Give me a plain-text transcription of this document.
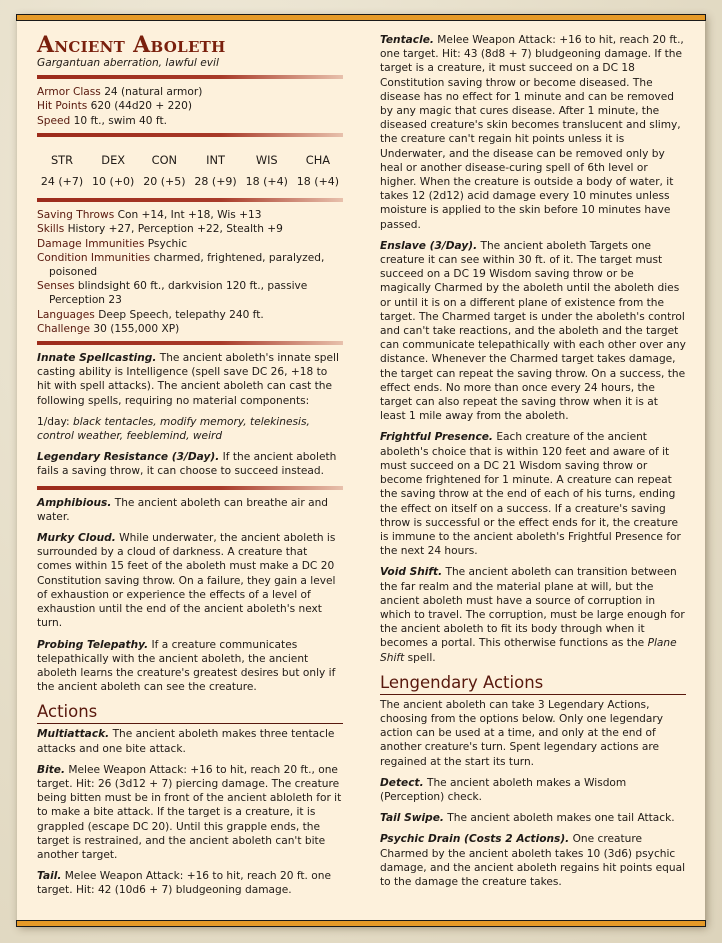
Ancient Aboleth
Gargantuan aberration, lawful evil
Armor Class 24 (natural armor)
Hit Points 620 (44d20 + 220)
Speed 10 ft., swim 40 ft.
STR
24 (+7)
DEX
10 (+0)
CON
20 (+5)
INT
28 (+9)
WIS
18 (+4)
CHA
18 (+4)
Saving Throws Con +14, Int +18, Wis +13
Skills History +27, Perception +22, Stealth +9
Damage Immunities Psychic
Condition Immunities charmed, frightened, paralyzed, poisoned
Senses blindsight 60 ft., darkvision 120 ft., passive Perception 23
Languages Deep Speech, telepathy 240 ft.
Challenge 30 (155,000 XP)
Innate Spellcasting. The ancient aboleth's innate spell casting ability is Intelligence (spell save DC 26, +18 to hit with spell attacks). The ancient aboleth can cast the following spells, requiring no material components:
1/day: black tentacles, modify memory, telekinesis, control weather, feeblemind, weird
Legendary Resistance (3/Day). If the ancient aboleth fails a saving throw, it can choose to succeed instead.
Amphibious. The ancient aboleth can breathe air and water.
Murky Cloud. While underwater, the ancient aboleth is surrounded by a cloud of darkness. A creature that comes within 15 feet of the aboleth must make a DC 20 Constitution saving throw. On a failure, they gain a level of exhaustion or experience the effects of a level of exhaustion until the end of the ancient aboleth's next turn.
Probing Telepathy. If a creature communicates telepathically with the ancient aboleth, the ancient aboleth learns the creature's greatest desires but only if the ancient aboleth can see the creature.
Actions
Multiattack. The ancient aboleth makes three tentacle attacks and one bite attack.
Bite. Melee Weapon Attack: +16 to hit, reach 20 ft., one target. Hit: 26 (3d12 + 7) piercing damage. The creature being bitten must be in front of the ancient abloleth for it to make a bite attack. If the target is a creature, it is grappled (escape DC 20). Until this grapple ends, the target is restrained, and the ancient aboleth can't bite another target.
Tail. Melee Weapon Attack: +16 to hit, reach 20 ft. one target. Hit: 42 (10d6 + 7) bludgeoning damage.
Tentacle. Melee Weapon Attack: +16 to hit, reach 20 ft., one target. Hit: 43 (8d8 + 7) bludgeoning damage. If the target is a creature, it must succeed on a DC 18 Constitution saving throw or become diseased. The disease has no effect for 1 minute and can be removed by any magic that cures disease. After 1 minute, the diseased creature's skin becomes translucent and slimy, the creature can't regain hit points unless it is Underwater, and the disease can be removed only by heal or another disease-curing spell of 6th level or higher. When the creature is outside a body of water, it takes 12 (2d12) acid damage every 10 minutes unless moisture is applied to the skin before 10 minutes have passed.
Enslave (3/Day). The ancient aboleth Targets one creature it can see within 30 ft. of it. The target must succeed on a DC 19 Wisdom saving throw or be magically Charmed by the aboleth until the aboleth dies or until it is on a different plane of existence from the target. The Charmed target is under the aboleth's control and can't take reactions, and the aboleth and the target can communicate telepathically with each other over any distance. Whenever the Charmed target takes damage, the target can repeat the saving throw. On a success, the effect ends. No more than once every 24 hours, the target can also repeat the saving throw when it is at least 1 mile away from the aboleth.
Frightful Presence. Each creature of the ancient aboleth's choice that is within 120 feet and aware of it must succeed on a DC 21 Wisdom saving throw or become frightened for 1 minute. A creature can repeat the saving throw at the end of each of his turns, ending the effect on itself on a success. If a creature's saving throw is successful or the effect ends for it, the creature is immune to the ancient aboleth's Frightful Presence for the next 24 hours.
Void Shift. The ancient aboleth can transition between the far realm and the material plane at will, but the ancient aboleth must have a source of corruption in which to travel. The corruption, must be large enough for the ancient aboleth to fit its body through when it becomes a portal. This otherwise functions as the Plane Shift spell.
Lengendary Actions
The ancient aboleth can take 3 Legendary Actions, choosing from the options below. Only one legendary action can be used at a time, and only at the end of another creature's turn. Spent legendary actions are regained at the start its turn.
Detect. The ancient aboleth makes a Wisdom (Perception) check.
Tail Swipe. The ancient aboleth makes one tail Attack.
Psychic Drain (Costs 2 Actions). One creature Charmed by the ancient aboleth takes 10 (3d6) psychic damage, and the ancient aboleth regains hit points equal to the damage the creature takes.
